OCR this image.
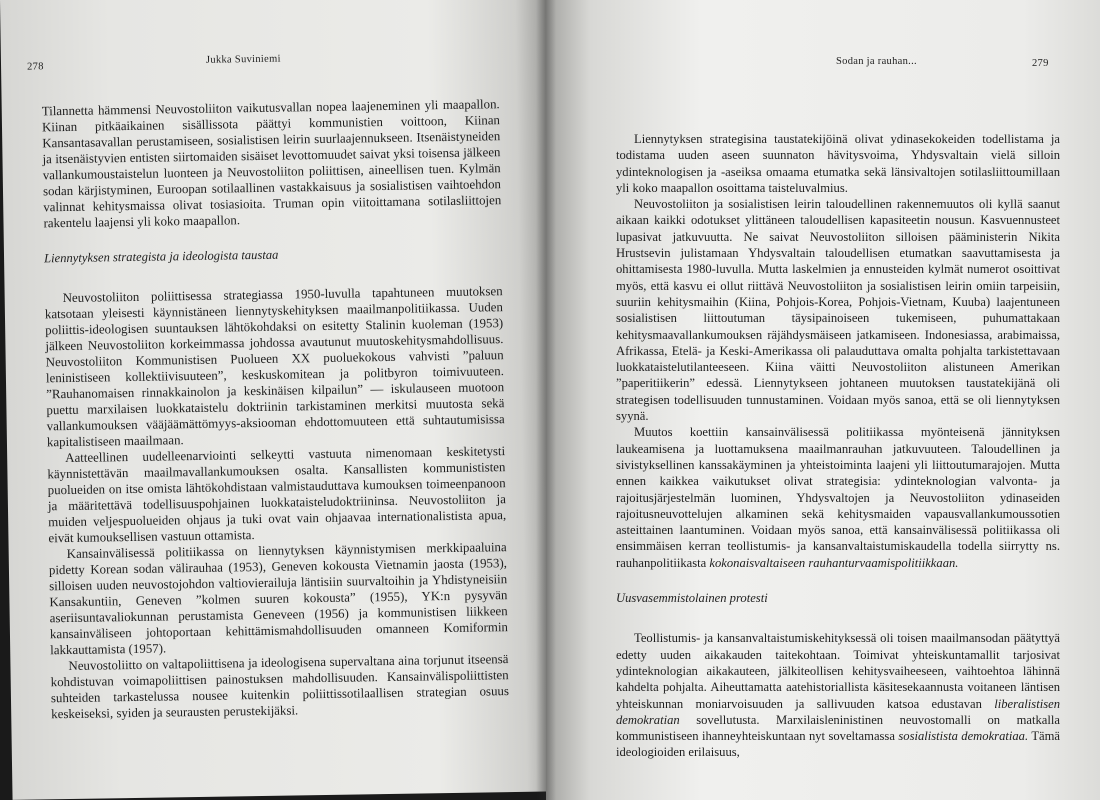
278
Jukka Suviniemi

Tilannetta hämmensi Neuvostoliiton vaikutusvallan nopea laajeneminen yli maapallon. Kiinan pitkäaikainen sisällissota päättyi kommunistien voittoon, Kiinan Kansantasavallan perustamiseen, sosialistisen leirin suurlaajennukseen. Itsenäistyneiden ja itsenäistyvien entisten siirtomaiden sisäiset levottomuudet saivat yksi toisensa jälkeen vallankumoustaistelun luonteen ja Neuvostoliiton poliittisen, aineellisen tuen. Kylmän sodan kärjistyminen, Euroopan sotilaallinen vastakkaisuus ja sosialistisen vaihtoehdon valinnat kehitysmaissa olivat tosiasioita. Truman opin viitoittamana sotilasliittojen rakentelu laajensi yli koko maapallon.

Liennytyksen strategista ja ideologista taustaa

Neuvostoliiton poliittisessa strategiassa 1950-luvulla tapahtuneen muutoksen katsotaan yleisesti käynnistäneen liennytyskehityksen maailmanpolitiikassa. Uuden poliittis-ideologisen suuntauksen lähtökohdaksi on esitetty Stalinin kuoleman (1953) jälkeen Neuvostoliiton korkeimmassa johdossa avautunut muutoskehitysmahdollisuus. Neuvostoliiton Kommunistisen Puolueen XX puoluekokous vahvisti ”paluun leninistiseen kollektiivisuuteen”, keskuskomitean ja politbyron toimivuuteen. ”Rauhanomaisen rinnakkainolon ja keskinäisen kilpailun” — iskulauseen muotoon puettu marxilaisen luokkataistelu doktriinin tarkistaminen merkitsi muutosta sekä vallankumouksen vääjäämättömyys-aksiooman ehdottomuuteen että suhtautumisissa kapitalistiseen maailmaan.

Aatteellinen uudelleenarviointi selkeytti vastuuta nimenomaan keskitetysti käynnistettävän maailmavallankumouksen osalta. Kansallisten kommunististen puolueiden on itse omista lähtökohdistaan valmistauduttava kumouksen toimeenpanoon ja määritettävä todellisuuspohjainen luokkataisteludoktriininsa. Neuvostoliiton ja muiden veljespuolueiden ohjaus ja tuki ovat vain ohjaavaa internationalistista apua, eivät kumouksellisen vastuun ottamista.

Kansainvälisessä politiikassa on liennytyksen käynnistymisen merkkipaaluina pidetty Korean sodan välirauhaa (1953), Geneven kokousta Vietnamin jaosta (1953), silloisen uuden neuvostojohdon valtiovierailuja läntisiin suurvaltoihin ja Yhdistyneisiin Kansakuntiin, Geneven ”kolmen suuren kokousta” (1955), YK:n pysyvän aseriisuntavaliokunnan perustamista Geneveen (1956) ja kommunistisen liikkeen kansainväliseen johtoportaan kehittämismahdollisuuden omanneen Komiformin lakkauttamista (1957).

Neuvostoliitto on valtapoliittisena ja ideologisena supervaltana aina torjunut itseensä kohdistuvan voimapoliittisen painostuksen mahdollisuuden. Kansainvälispoliittisten suhteiden tarkastelussa nousee kuitenkin poliittissotilaallisen strategian osuus keskeiseksi, syiden ja seurausten perustekijäksi.

Sodan ja rauhan...	279

Liennytyksen strategisina taustatekijöinä olivat ydinasekokeiden todellistama ja todistama uuden aseen suunnaton hävitysvoima, Yhdysvaltain vielä silloin ydinteknologisen ja -aseiksa omaama etumatka sekä länsivaltojen sotilasliittoumillaan yli koko maapallon osoittama taisteluvalmius.

Neuvostoliiton ja sosialistisen leirin taloudellinen rakennemuutos oli kyllä saanut aikaan kaikki odotukset ylittäneen taloudellisen kapasiteetin nousun. Kasvuennusteet lupasivat jatkuvuutta. Ne saivat Neuvostoliiton silloisen pääministerin Nikita Hrustsevin julistamaan Yhdysvaltain taloudellisen etumatkan saavuttamisesta ja ohittamisesta 1980-luvulla. Mutta laskelmien ja ennusteiden kylmät numerot osoittivat myös, että kasvu ei ollut riittävä Neuvostoliiton ja sosialistisen leirin omiin tarpeisiin, suuriin kehitysmaihin (Kiina, Pohjois-Korea, Pohjois-Vietnam, Kuuba) laajentuneen sosialistisen liittoutuman täysipainoiseen tukemiseen, puhumattakaan kehitysmaavallankumouksen räjähdysmäiseen jatkamiseen. Indonesiassa, arabimaissa, Afrikassa, Etelä- ja Keski-Amerikassa oli palauduttava omalta pohjalta tarkistettavaan luokkataistelutilanteeseen. Kiina väitti Neuvostoliiton alistuneen Amerikan ”paperitiikerin” edessä. Liennytykseen johtaneen muutoksen taustatekijänä oli strategisen todellisuuden tunnustaminen. Voidaan myös sanoa, että se oli liennytyksen syynä.

Muutos koettiin kansainvälisessä politiikassa myönteisenä jännityksen laukeamisena ja luottamuksena maailmanrauhan jatkuvuuteen. Taloudellinen ja sivistyksellinen kanssakäyminen ja yhteistoiminta laajeni yli liittoutumarajojen. Mutta ennen kaikkea vaikutukset olivat strategisia: ydinteknologian valvonta- ja rajoitusjärjestelmän luominen, Yhdysvaltojen ja Neuvostoliiton ydinaseiden rajoitusneuvottelujen alkaminen sekä kehitysmaiden vapausvallankumoussotien asteittainen laantuminen. Voidaan myös sanoa, että kansainvälisessä politiikassa oli ensimmäisen kerran teollistumis- ja kansanvaltaistumiskaudella todella siirrytty ns. rauhanpolitiikasta kokonaisvaltaiseen rauhanturvaamispolitiikkaan.

Uusvasemmistolainen protesti

Teollistumis- ja kansanvaltaistumiskehityksessä oli toisen maailmansodan päätyttyä edetty uuden aikakauden taitekohtaan. Toimivat yhteiskuntamallit tarjosivat ydinteknologian aikakauteen, jälkiteollisen kehitysvaiheeseen, vaihtoehtoa lähinnä kahdelta pohjalta. Aiheuttamatta aatehistoriallista käsitesekaannusta voitaneen läntisen yhteiskunnan moniarvoisuuden ja sallivuuden katsoa edustavan liberalistisen demokratian sovellutusta. Marxilaisleninistinen neuvostomalli on matkalla kommunistiseen ihanneyhteiskuntaan nyt soveltamassa sosialistista demokratiaa. Tämä ideologioiden erilaisuus,
